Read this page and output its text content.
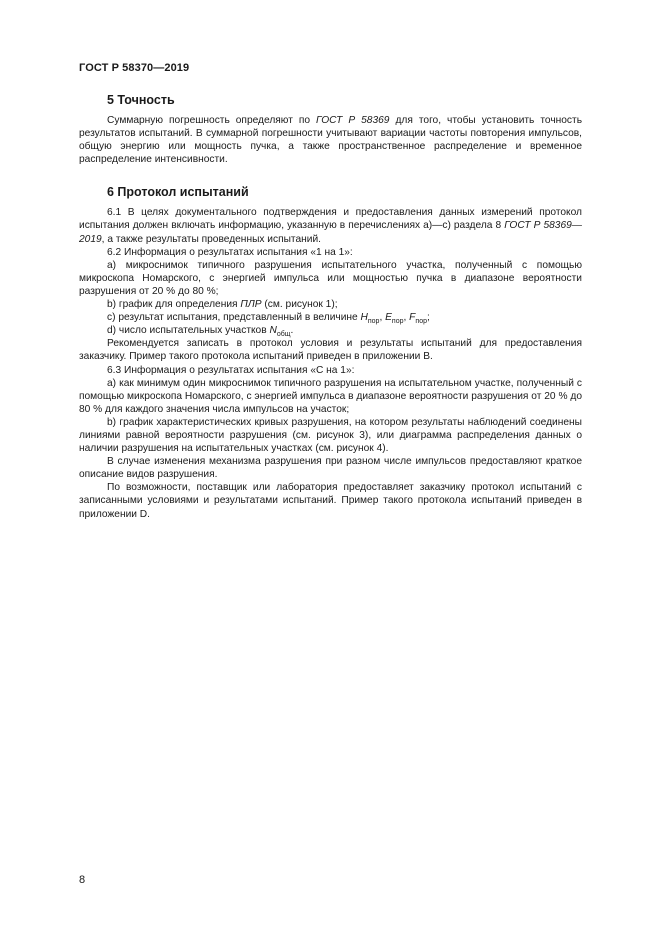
ГОСТ Р 58370—2019
5 Точность

Суммарную погрешность определяют по ГОСТ Р 58369 для того, чтобы установить точность результатов испытаний. В суммарной погрешности учитывают вариации частоты повторения импульсов, общую энергию или мощность пучка, а также пространственное распределение и временное распределение интенсивности.

6 Протокол испытаний

6.1 В целях документального подтверждения и предоставления данных измерений протокол испытания должен включать информацию, указанную в перечислениях а)—с) раздела 8 ГОСТ Р 58369—2019, а также результаты проведенных испытаний.

6.2 Информация о результатах испытания «1 на 1»:

а) микроснимок типичного разрушения испытательного участка, полученный с помощью микроскопа Номарского, с энергией импульса или мощностью пучка в диапазоне вероятности разрушения от 20 % до 80 %;

b) график для определения ПЛР (см. рисунок 1);

c) результат испытания, представленный в величине $H_{пор}$, $E_{пор}$, $F_{пор}$;

d) число испытательных участков $N_{общ}$.

Рекомендуется записать в протокол условия и результаты испытаний для предоставления заказчику. Пример такого протокола испытаний приведен в приложении В.

6.3 Информация о результатах испытания «С на 1»:

а) как минимум один микроснимок типичного разрушения на испытательном участке, полученный с помощью микроскопа Номарского, с энергией импульса в диапазоне вероятности разрушения от 20 % до 80 % для каждого значения числа импульсов на участок;

b) график характеристических кривых разрушения, на котором результаты наблюдений соединены линиями равной вероятности разрушения (см. рисунок 3), или диаграмма распределения данных о наличии разрушения на испытательных участках (см. рисунок 4).

В случае изменения механизма разрушения при разном числе импульсов предоставляют краткое описание видов разрушения.

По возможности, поставщик или лаборатория предоставляет заказчику протокол испытаний с записанными условиями и результатами испытаний. Пример такого протокола испытаний приведен в приложении D.

8
